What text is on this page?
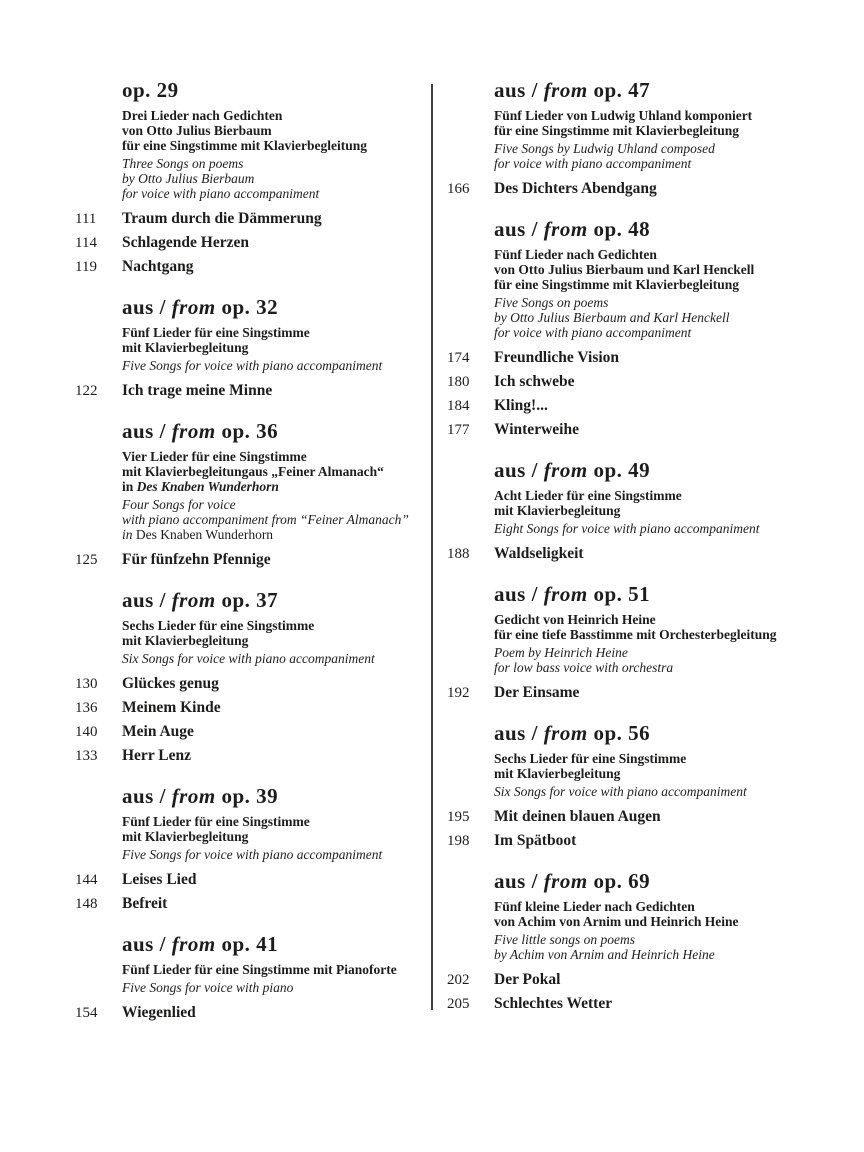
op. 29
Drei Lieder nach Gedichten
von Otto Julius Bierbaum
für eine Singstimme mit Klavierbegleitung
Three Songs on poems
by Otto Julius Bierbaum
for voice with piano accompaniment
111	Traum durch die Dämmerung
114	Schlagende Herzen
119	Nachtgang
aus / from op. 32
Fünf Lieder für eine Singstimme
mit Klavierbegleitung
Five Songs for voice with piano accompaniment
122	Ich trage meine Minne
aus / from op. 36
Vier Lieder für eine Singstimme
mit Klavierbegleitungaus „Feiner Almanach“
in Des Knaben Wunderhorn
Four Songs for voice
with piano accompaniment from “Feiner Almanach”
in Des Knaben Wunderhorn
125	Für fünfzehn Pfennige
aus / from op. 37
Sechs Lieder für eine Singstimme
mit Klavierbegleitung
Six Songs for voice with piano accompaniment
130	Glückes genug
136	Meinem Kinde
140	Mein Auge
133	Herr Lenz
aus / from op. 39
Fünf Lieder für eine Singstimme
mit Klavierbegleitung
Five Songs for voice with piano accompaniment
144	Leises Lied
148	Befreit
aus / from op. 41
Fünf Lieder für eine Singstimme mit Pianoforte
Five Songs for voice with piano
154	Wiegenlied
aus / from op. 47
Fünf Lieder von Ludwig Uhland komponiert
für eine Singstimme mit Klavierbegleitung
Five Songs by Ludwig Uhland composed
for voice with piano accompaniment
166	Des Dichters Abendgang
aus / from op. 48
Fünf Lieder nach Gedichten
von Otto Julius Bierbaum und Karl Henckell
für eine Singstimme mit Klavierbegleitung
Five Songs on poems
by Otto Julius Bierbaum and Karl Henckell
for voice with piano accompaniment
174	Freundliche Vision
180	Ich schwebe
184	Kling!...
177	Winterweihe
aus / from op. 49
Acht Lieder für eine Singstimme
mit Klavierbegleitung
Eight Songs for voice with piano accompaniment
188	Waldseligkeit
aus / from op. 51
Gedicht von Heinrich Heine
für eine tiefe Basstimme mit Orchesterbegleitung
Poem by Heinrich Heine
for low bass voice with orchestra
192	Der Einsame
aus / from op. 56
Sechs Lieder für eine Singstimme
mit Klavierbegleitung
Six Songs for voice with piano accompaniment
195	Mit deinen blauen Augen
198	Im Spätboot
aus / from op. 69
Fünf kleine Lieder nach Gedichten
von Achim von Arnim und Heinrich Heine
Five little songs on poems
by Achim von Arnim and Heinrich Heine
202	Der Pokal
205	Schlechtes Wetter
